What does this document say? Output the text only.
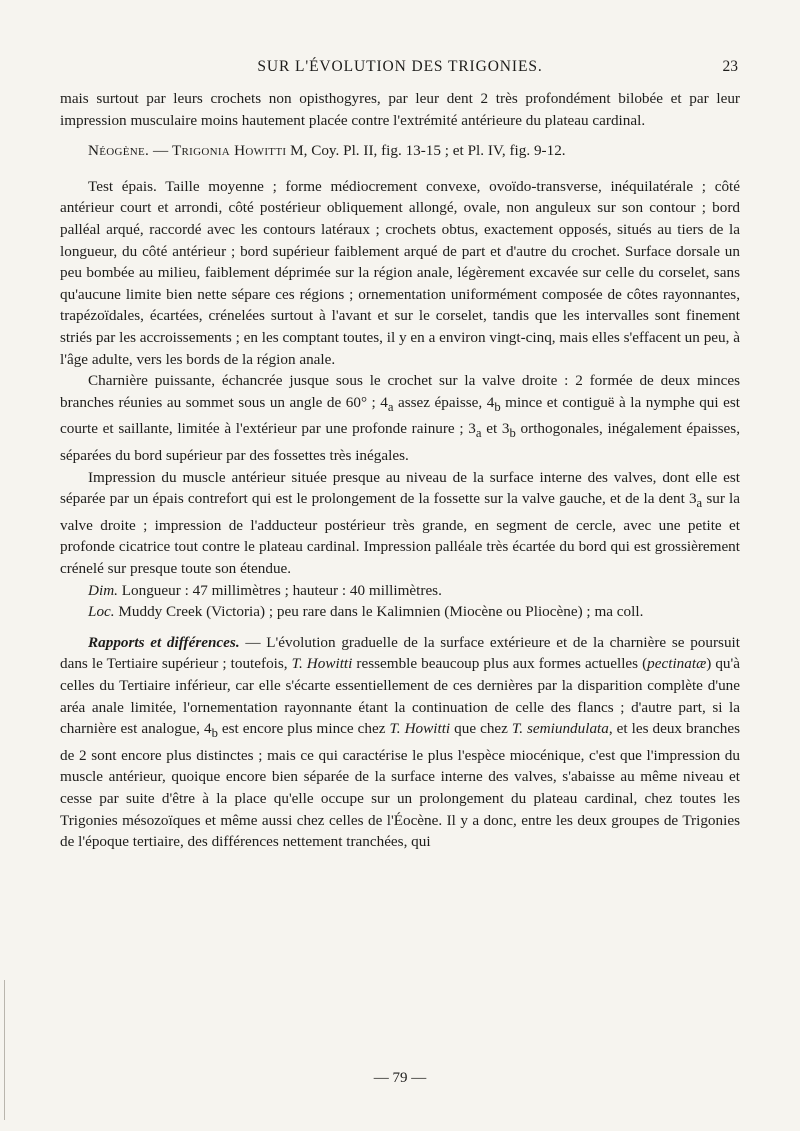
SUR L'ÉVOLUTION DES TRIGONIES.	23

mais surtout par leurs crochets non opisthogyres, par leur dent 2 très profondément bilobée et par leur impression musculaire moins hautement placée contre l'extrémité antérieure du plateau cardinal.

Néogène. — Trigonia Howitti M, Coy. Pl. II, fig. 13-15 ; et Pl. IV, fig. 9-12.

Test épais. Taille moyenne ; forme médiocrement convexe, ovoïdo-transverse, inéquilatérale ; côté antérieur court et arrondi, côté postérieur obliquement allongé, ovale, non anguleux sur son contour ; bord palléal arqué, raccordé avec les contours latéraux ; crochets obtus, exactement opposés, situés au tiers de la longueur, du côté antérieur ; bord supérieur faiblement arqué de part et d'autre du crochet. Surface dorsale un peu bombée au milieu, faiblement déprimée sur la région anale, légèrement excavée sur celle du corselet, sans qu'aucune limite bien nette sépare ces régions ; ornementation uniformément composée de côtes rayonnantes, trapézoïdales, écartées, crénelées surtout à l'avant et sur le corselet, tandis que les intervalles sont finement striés par les accroissements ; en les comptant toutes, il y en a environ vingt-cinq, mais elles s'effacent un peu, à l'âge adulte, vers les bords de la région anale.

Charnière puissante, échancrée jusque sous le crochet sur la valve droite : 2 formée de deux minces branches réunies au sommet sous un angle de 60° ; $4_a$ assez épaisse, $4_b$ mince et contiguë à la nymphe qui est courte et saillante, limitée à l'extérieur par une profonde rainure ; $3_a$ et $3_b$ orthogonales, inégalement épaisses, séparées du bord supérieur par des fossettes très inégales.

Impression du muscle antérieur située presque au niveau de la surface interne des valves, dont elle est séparée par un épais contrefort qui est le prolongement de la fossette sur la valve gauche, et de la dent $3_a$ sur la valve droite ; impression de l'adducteur postérieur très grande, en segment de cercle, avec une petite et profonde cicatrice tout contre le plateau cardinal. Impression palléale très écartée du bord qui est grossièrement crénelé sur presque toute son étendue.

Dim. Longueur : 47 millimètres ; hauteur : 40 millimètres.

Loc. Muddy Creek (Victoria) ; peu rare dans le Kalimnien (Miocène ou Pliocène) ; ma coll.

Rapports et différences. — L'évolution graduelle de la surface extérieure et de la charnière se poursuit dans le Tertiaire supérieur ; toutefois, T. Howitti ressemble beaucoup plus aux formes actuelles (pectinatæ) qu'à celles du Tertiaire inférieur, car elle s'écarte essentiellement de ces dernières par la disparition complète d'une aréa anale limitée, l'ornementation rayonnante étant la continuation de celle des flancs ; d'autre part, si la charnière est analogue, $4_b$ est encore plus mince chez T. Howitti que chez T. semiundulata, et les deux branches de 2 sont encore plus distinctes ; mais ce qui caractérise le plus l'espèce miocénique, c'est que l'impression du muscle antérieur, quoique encore bien séparée de la surface interne des valves, s'abaisse au même niveau et cesse par suite d'être à la place qu'elle occupe sur un prolongement du plateau cardinal, chez toutes les Trigonies mésozoïques et même aussi chez celles de l'Éocène. Il y a donc, entre les deux groupes de Trigonies de l'époque tertiaire, des différences nettement tranchées, qui

— 79 —
